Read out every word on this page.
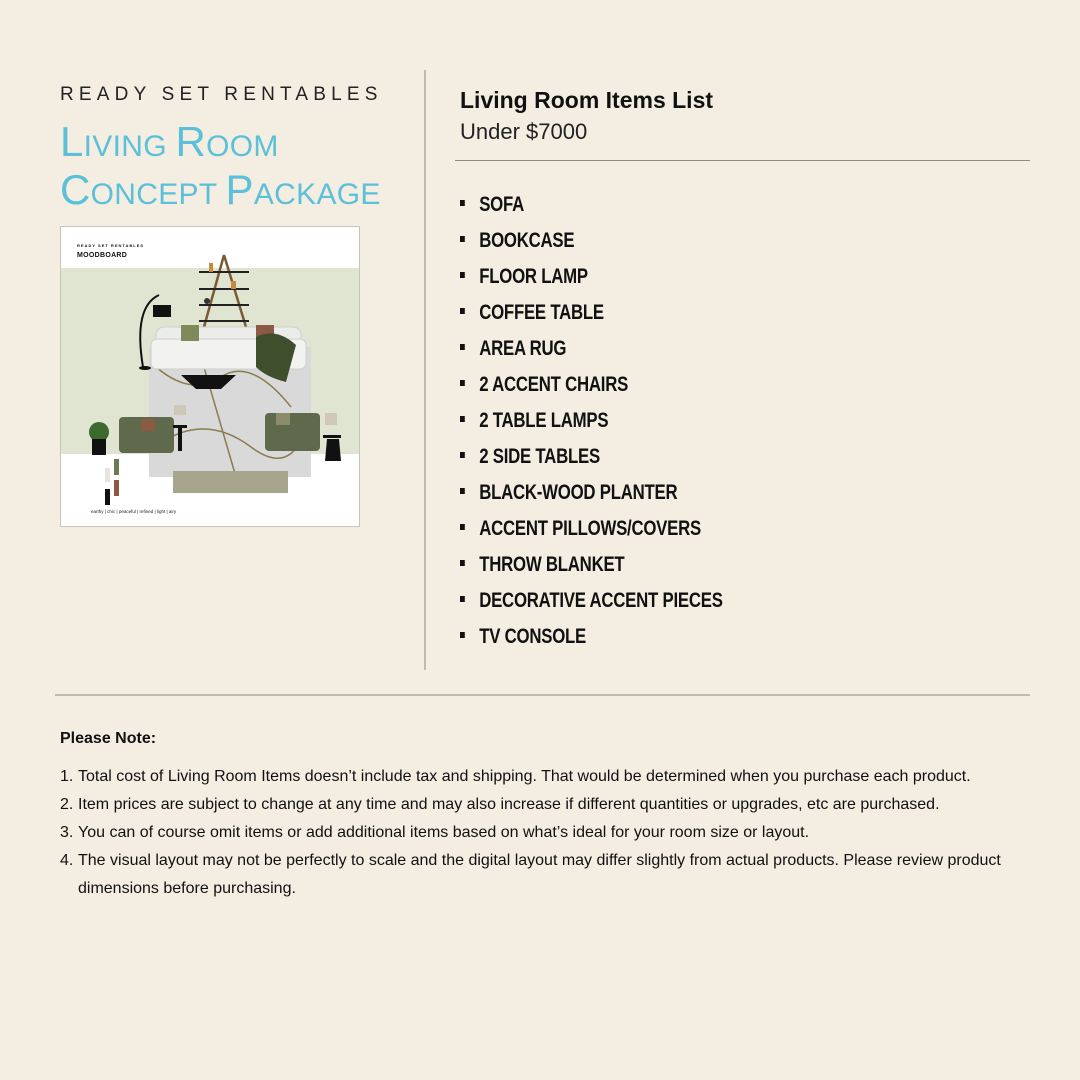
READY SET RENTABLES

LIVING ROOM
CONCEPT PACKAGE
READY SET RENTABLES
MOODBOARD
earthy | chic | peaceful | refined | light | airy

Living Room Items List

Under $7000

SOFA
BOOKCASE
FLOOR LAMP
COFFEE TABLE
AREA RUG
2 ACCENT CHAIRS
2 TABLE LAMPS
2 SIDE TABLES
BLACK-WOOD PLANTER
ACCENT PILLOWS/COVERS
THROW BLANKET
DECORATIVE ACCENT PIECES
TV CONSOLE

Please Note:

1. Total cost of Living Room Items doesn’t include tax and shipping. That would be determined when you purchase each product.
2. Item prices are subject to change at any time and may also increase if different quantities or upgrades, etc are purchased.
3. You can of course omit items or add additional items based on what’s ideal for your room size or layout.
4. The visual layout may not be perfectly to scale and the digital layout may differ slightly from actual products. Please review product dimensions before purchasing.
